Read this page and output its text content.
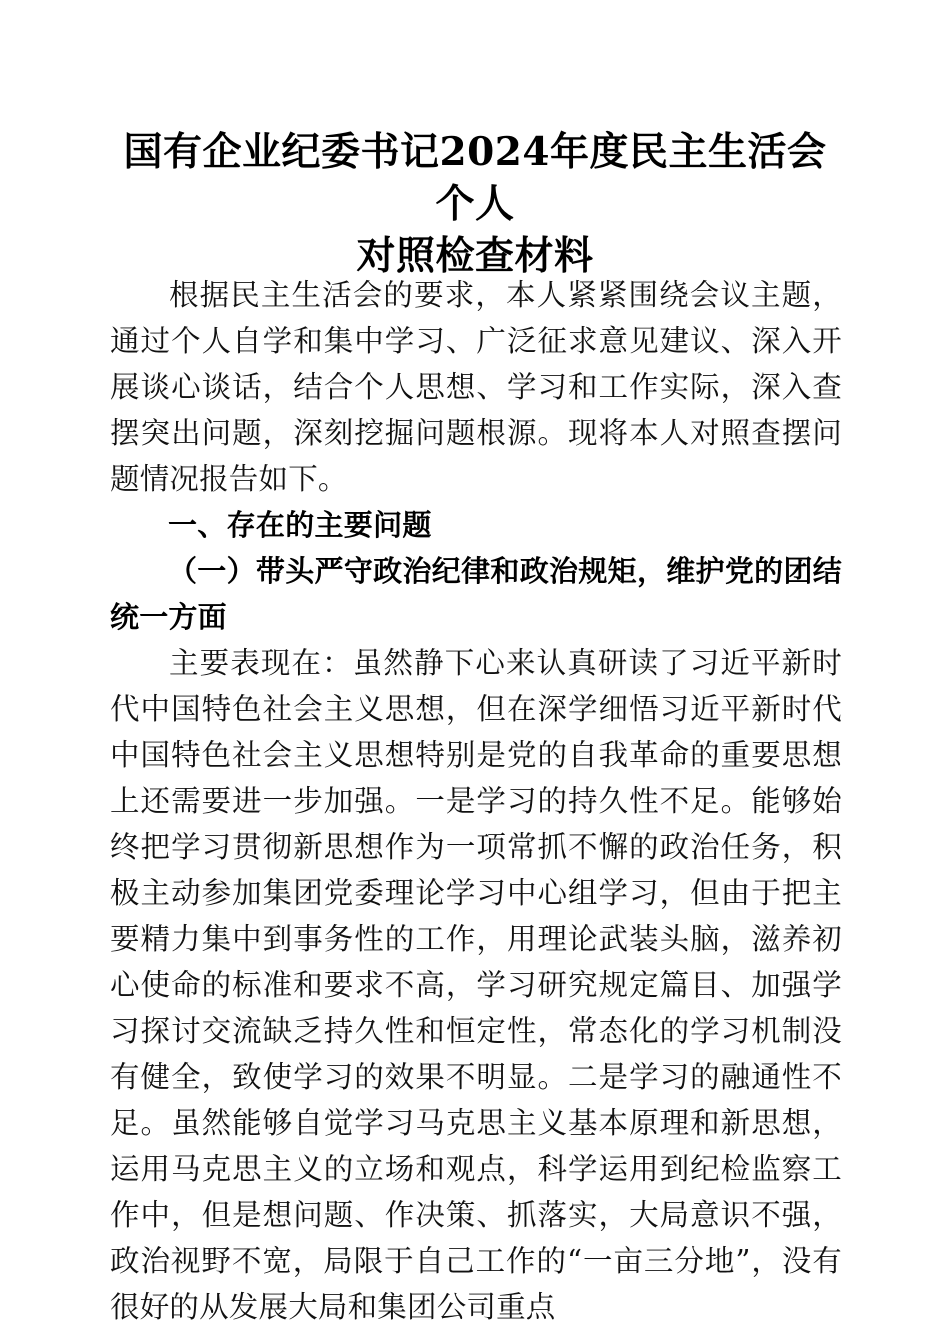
国有企业纪委书记2024年度民主生活会个人
对照检查材料

根据民主生活会的要求，本人紧紧围绕会议主题，通过个人自学和集中学习、广泛征求意见建议、深入开展谈心谈话，结合个人思想、学习和工作实际，深入查摆突出问题，深刻挖掘问题根源。现将本人对照查摆问题情况报告如下。

一、存在的主要问题
（一）带头严守政治纪律和政治规矩，维护党的团结统一方面

主要表现在：虽然静下心来认真研读了习近平新时代中国特色社会主义思想，但在深学细悟习近平新时代中国特色社会主义思想特别是党的自我革命的重要思想上还需要进一步加强。一是学习的持久性不足。能够始终把学习贯彻新思想作为一项常抓不懈的政治任务，积极主动参加集团党委理论学习中心组学习，但由于把主要精力集中到事务性的工作，用理论武装头脑，滋养初心使命的标准和要求不高，学习研究规定篇目、加强学习探讨交流缺乏持久性和恒定性，常态化的学习机制没有健全，致使学习的效果不明显。二是学习的融通性不足。虽然能够自觉学习马克思主义基本原理和新思想，运用马克思主义的立场和观点，科学运用到纪检监察工作中，但是想问题、作决策、抓落实，大局意识不强，政治视野不宽，局限于自己工作的“一亩三分地”，没有很好的从发展大局和集团公司重点
